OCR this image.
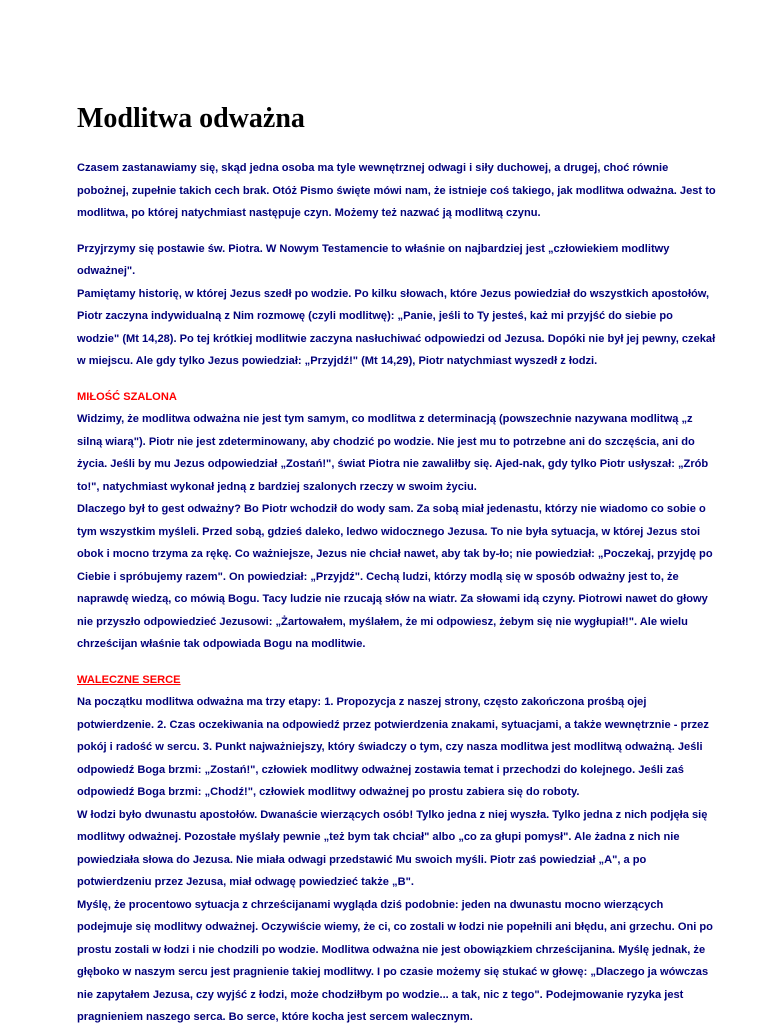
Modlitwa odważna

Czasem zastanawiamy się, skąd jedna osoba ma tyle wewnętrznej odwagi i siły duchowej, a drugej, choć równie pobożnej, zupełnie takich cech brak. Otóż Pismo święte mówi nam, że istnieje coś takiego, jak modlitwa odważna. Jest to modlitwa, po której natychmiast następuje czyn. Możemy też nazwać ją modlitwą czynu.

Przyjrzymy się postawie św. Piotra. W Nowym Testamencie to właśnie on najbardziej jest „człowiekiem modlitwy odważnej".

Pamiętamy historię, w której Jezus szedł po wodzie. Po kilku słowach, które Jezus powiedział do wszystkich apostołów, Piotr zaczyna indywidualną z Nim rozmowę (czyli modlitwę): „Panie, jeśli to Ty jesteś, każ mi przyjść do siebie po wodzie" (Mt 14,28). Po tej krótkiej modlitwie zaczyna nasłuchiwać odpowiedzi od Jezusa. Dopóki nie był jej pewny, czekał w miejscu. Ale gdy tylko Jezus powiedział: „Przyjdź!" (Mt 14,29), Piotr natychmiast wyszedł z łodzi.

MIŁOŚĆ SZALONA

Widzimy, że modlitwa odważna nie jest tym samym, co modlitwa z determinacją (powszechnie nazywana modlitwą „z silną wiarą"). Piotr nie jest zdeterminowany, aby chodzić po wodzie. Nie jest mu to potrzebne ani do szczęścia, ani do życia. Jeśli by mu Jezus odpowiedział „Zostań!", świat Piotra nie zawaliłby się. Ajed-nak, gdy tylko Piotr usłyszał: „Zrób to!", natychmiast wykonał jedną z bardziej szalonych rzeczy w swoim życiu.

Dlaczego był to gest odważny? Bo Piotr wchodził do wody sam. Za sobą miał jedenastu, którzy nie wiadomo co sobie o tym wszystkim myśleli. Przed sobą, gdzieś daleko, ledwo widocznego Jezusa. To nie była sytuacja, w której Jezus stoi obok i mocno trzyma za rękę. Co ważniejsze, Jezus nie chciał nawet, aby tak by-ło; nie powiedział: „Poczekaj, przyjdę po Ciebie i spróbujemy razem". On powiedział: „Przyjdź". Cechą ludzi, którzy modlą się w sposób odważny jest to, że naprawdę wiedzą, co mówią Bogu. Tacy ludzie nie rzucają słów na wiatr. Za słowami idą czyny. Piotrowi nawet do głowy nie przyszło odpowiedzieć Jezusowi: „Żartowałem, myślałem, że mi odpowiesz, żebym się nie wygłupiał!". Ale wielu chrześcijan właśnie tak odpowiada Bogu na modlitwie.

WALECZNE SERCE

Na początku modlitwa odważna ma trzy etapy: 1. Propozycja z naszej strony, często zakończona prośbą ojej potwierdzenie. 2. Czas oczekiwania na odpowiedź przez potwierdzenia znakami, sytuacjami, a także wewnętrznie - przez pokój i radość w sercu. 3. Punkt najważniejszy, który świadczy o tym, czy nasza modlitwa jest modlitwą odważną. Jeśli odpowiedź Boga brzmi: „Zostań!", człowiek modlitwy odważnej zostawia temat i przechodzi do kolejnego. Jeśli zaś odpowiedź Boga brzmi: „Chodź!", człowiek modlitwy odważnej po prostu zabiera się do roboty.

W łodzi było dwunastu apostołów. Dwanaście wierzących osób! Tylko jedna z niej wyszła. Tylko jedna z nich podjęła się modlitwy odważnej. Pozostałe myślały pewnie „też bym tak chciał" albo „co za głupi pomysł". Ale żadna z nich nie powiedziała słowa do Jezusa. Nie miała odwagi przedstawić Mu swoich myśli. Piotr zaś powiedział „A", a po potwierdzeniu przez Jezusa, miał odwagę powiedzieć także „B".

Myślę, że procentowo sytuacja z chrześcijanami wygląda dziś podobnie: jeden na dwunastu mocno wierzących podejmuje się modlitwy odważnej. Oczywiście wiemy, że ci, co zostali w łodzi nie popełnili ani błędu, ani grzechu. Oni po prostu zostali w łodzi i nie chodzili po wodzie. Modlitwa odważna nie jest obowiązkiem chrześcijanina. Myślę jednak, że głęboko w naszym sercu jest pragnienie takiej modlitwy. I po czasie możemy się stukać w głowę: „Dlaczego ja wówczas nie zapytałem Jezusa, czy wyjść z łodzi, może chodziłbym po wodzie... a tak, nic z tego". Podejmowanie ryzyka jest pragnieniem naszego serca. Bo serce, które kocha jest sercem walecznym.
